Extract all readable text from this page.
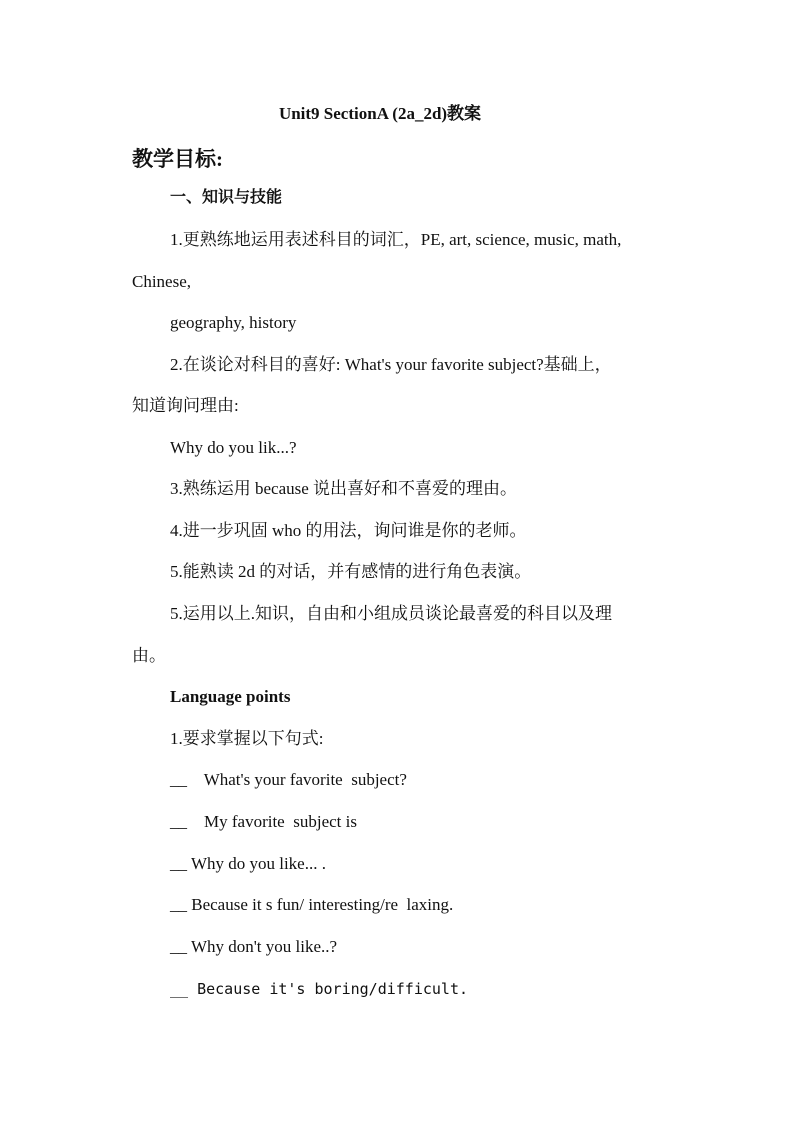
Unit9 SectionA (2a_2d)教案
教学目标:
一、知识与技能
1.更熟练地运用表述科目的词汇，PE, art, science, music, math,
Chinese,
geography, history
2.在谈论对科目的喜好: What's your favorite subject?基础上，
知道询问理由:
Why do you lik...?
3.熟练运用 because 说出喜好和不喜爱的理由。
4.进一步巩固 who 的用法，询问谁是你的老师。
5.能熟读 2d 的对话，并有感情的进行角色表演。
5.运用以上.知识，自由和小组成员谈论最喜爱的科目以及理
由。
Language points
1.要求掌握以下句式:
__    What's your favorite  subject?
__    My favorite  subject is
__ Why do you like... .
__ Because it s fun/ interesting/re  laxing.
__ Why don't you like..?
__ Because it's boring/difficult.
